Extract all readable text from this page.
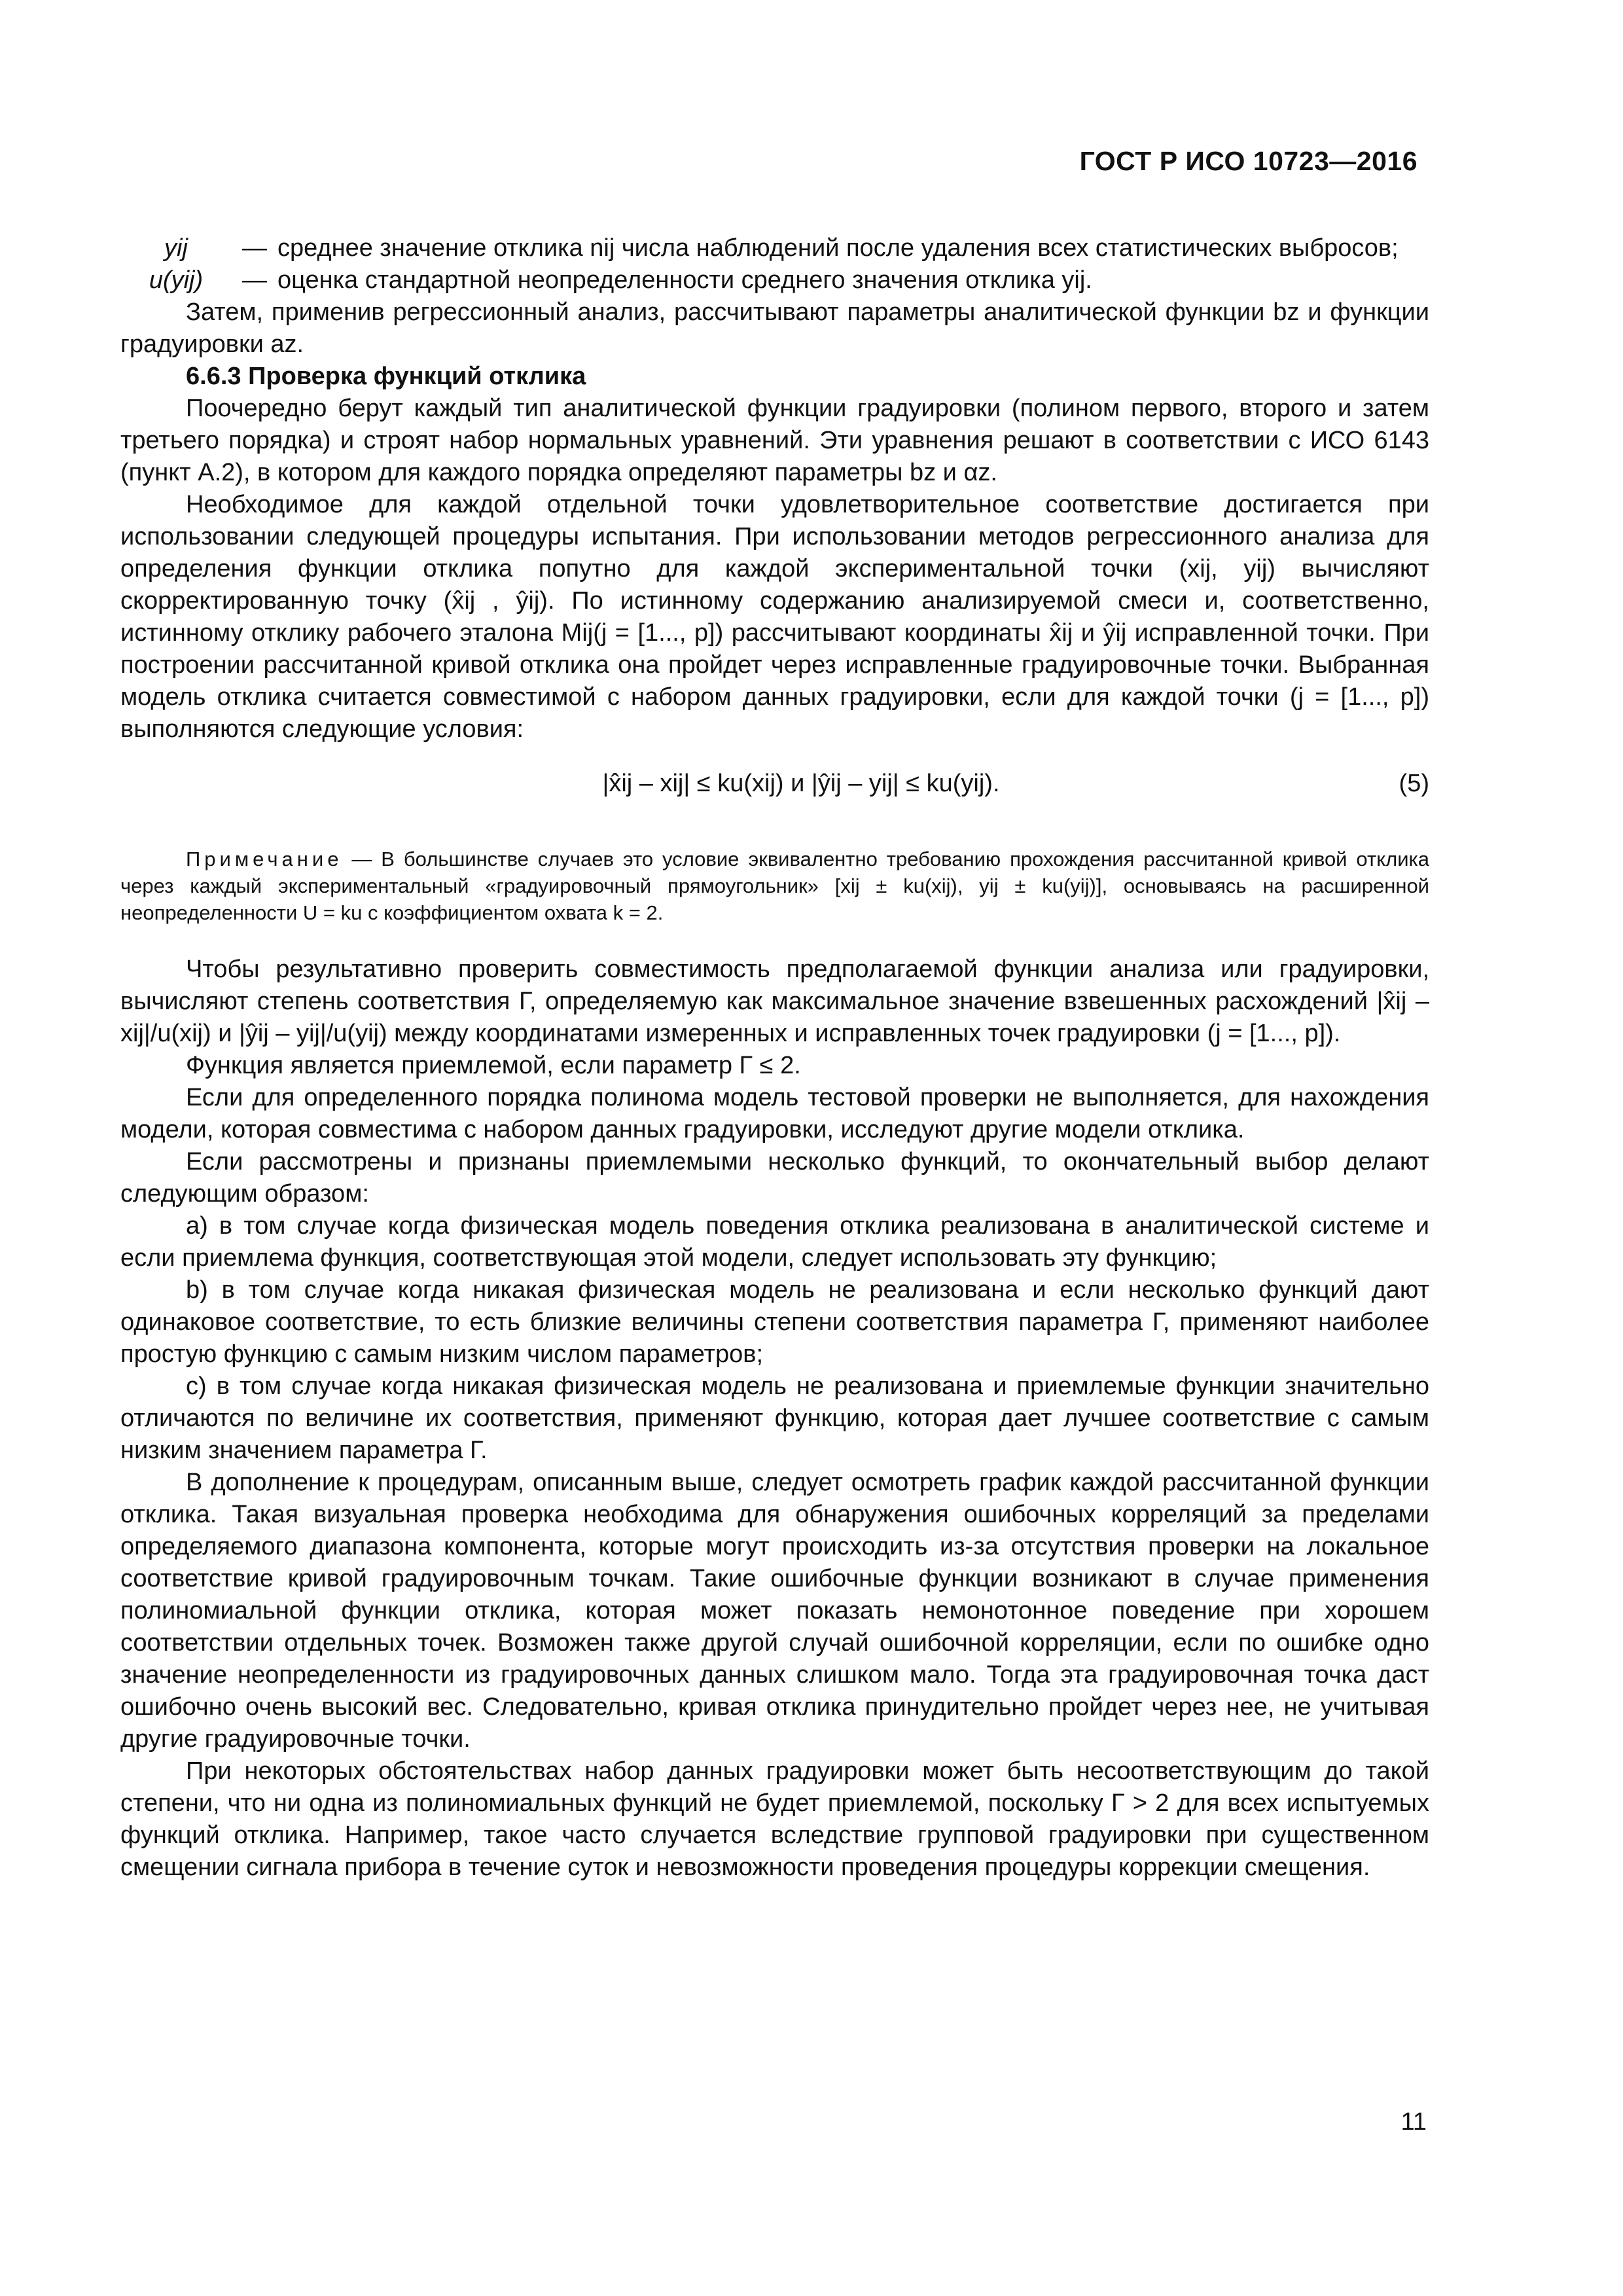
ГОСТ Р ИСО 10723—2016
yij	— среднее значение отклика nij числа наблюдений после удаления всех статистических выбросов;
u(yij)	— оценка стандартной неопределенности среднего значения отклика yij.

Затем, применив регрессионный анализ, рассчитывают параметры аналитической функции bz и функции градуировки az.

6.6.3 Проверка функций отклика

Поочередно берут каждый тип аналитической функции градуировки (полином первого, второго и затем третьего порядка) и строят набор нормальных уравнений. Эти уравнения решают в соответствии с ИСО 6143 (пункт А.2), в котором для каждого порядка определяют параметры bz и αz.

Необходимое для каждой отдельной точки удовлетворительное соответствие достигается при использовании следующей процедуры испытания. При использовании методов регрессионного анализа для определения функции отклика попутно для каждой экспериментальной точки (xij, yij) вычисляют скорректированную точку (x̂ij , ŷij). По истинному содержанию анализируемой смеси и, соответственно, истинному отклику рабочего эталона Mij(j = [1..., p]) рассчитывают координаты x̂ij и ŷij исправленной точки. При построении рассчитанной кривой отклика она пройдет через исправленные градуировочные точки. Выбранная модель отклика считается совместимой с набором данных градуировки, если для каждой точки (j = [1..., p]) выполняются следующие условия:

|x̂ij – xij| ≤ ku(xij) и |ŷij – yij| ≤ ku(yij).	(5)

Примечание — В большинстве случаев это условие эквивалентно требованию прохождения рассчитанной кривой отклика через каждый экспериментальный «градуировочный прямоугольник» [xij ± ku(xij), yij ± ku(yij)], основываясь на расширенной неопределенности U = ku с коэффициентом охвата k = 2.

Чтобы результативно проверить совместимость предполагаемой функции анализа или градуировки, вычисляют степень соответствия Г, определяемую как максимальное значение взвешенных расхождений |x̂ij – xij|/u(xij) и |ŷij – yij|/u(yij) между координатами измеренных и исправленных точек градуировки (j = [1..., p]).

Функция является приемлемой, если параметр Г ≤ 2.

Если для определенного порядка полинома модель тестовой проверки не выполняется, для нахождения модели, которая совместима с набором данных градуировки, исследуют другие модели отклика.

Если рассмотрены и признаны приемлемыми несколько функций, то окончательный выбор делают следующим образом:

а) в том случае когда физическая модель поведения отклика реализована в аналитической системе и если приемлема функция, соответствующая этой модели, следует использовать эту функцию;

b) в том случае когда никакая физическая модель не реализована и если несколько функций дают одинаковое соответствие, то есть близкие величины степени соответствия параметра Г, применяют наиболее простую функцию с самым низким числом параметров;

с) в том случае когда никакая физическая модель не реализована и приемлемые функции значительно отличаются по величине их соответствия, применяют функцию, которая дает лучшее соответствие с самым низким значением параметра Г.

В дополнение к процедурам, описанным выше, следует осмотреть график каждой рассчитанной функции отклика. Такая визуальная проверка необходима для обнаружения ошибочных корреляций за пределами определяемого диапазона компонента, которые могут происходить из-за отсутствия проверки на локальное соответствие кривой градуировочным точкам. Такие ошибочные функции возникают в случае применения полиномиальной функции отклика, которая может показать немонотонное поведение при хорошем соответствии отдельных точек. Возможен также другой случай ошибочной корреляции, если по ошибке одно значение неопределенности из градуировочных данных слишком мало. Тогда эта градуировочная точка даст ошибочно очень высокий вес. Следовательно, кривая отклика принудительно пройдет через нее, не учитывая другие градуировочные точки.

При некоторых обстоятельствах набор данных градуировки может быть несоответствующим до такой степени, что ни одна из полиномиальных функций не будет приемлемой, поскольку Г > 2 для всех испытуемых функций отклика. Например, такое часто случается вследствие групповой градуировки при существенном смещении сигнала прибора в течение суток и невозможности проведения процедуры коррекции смещения.

11
